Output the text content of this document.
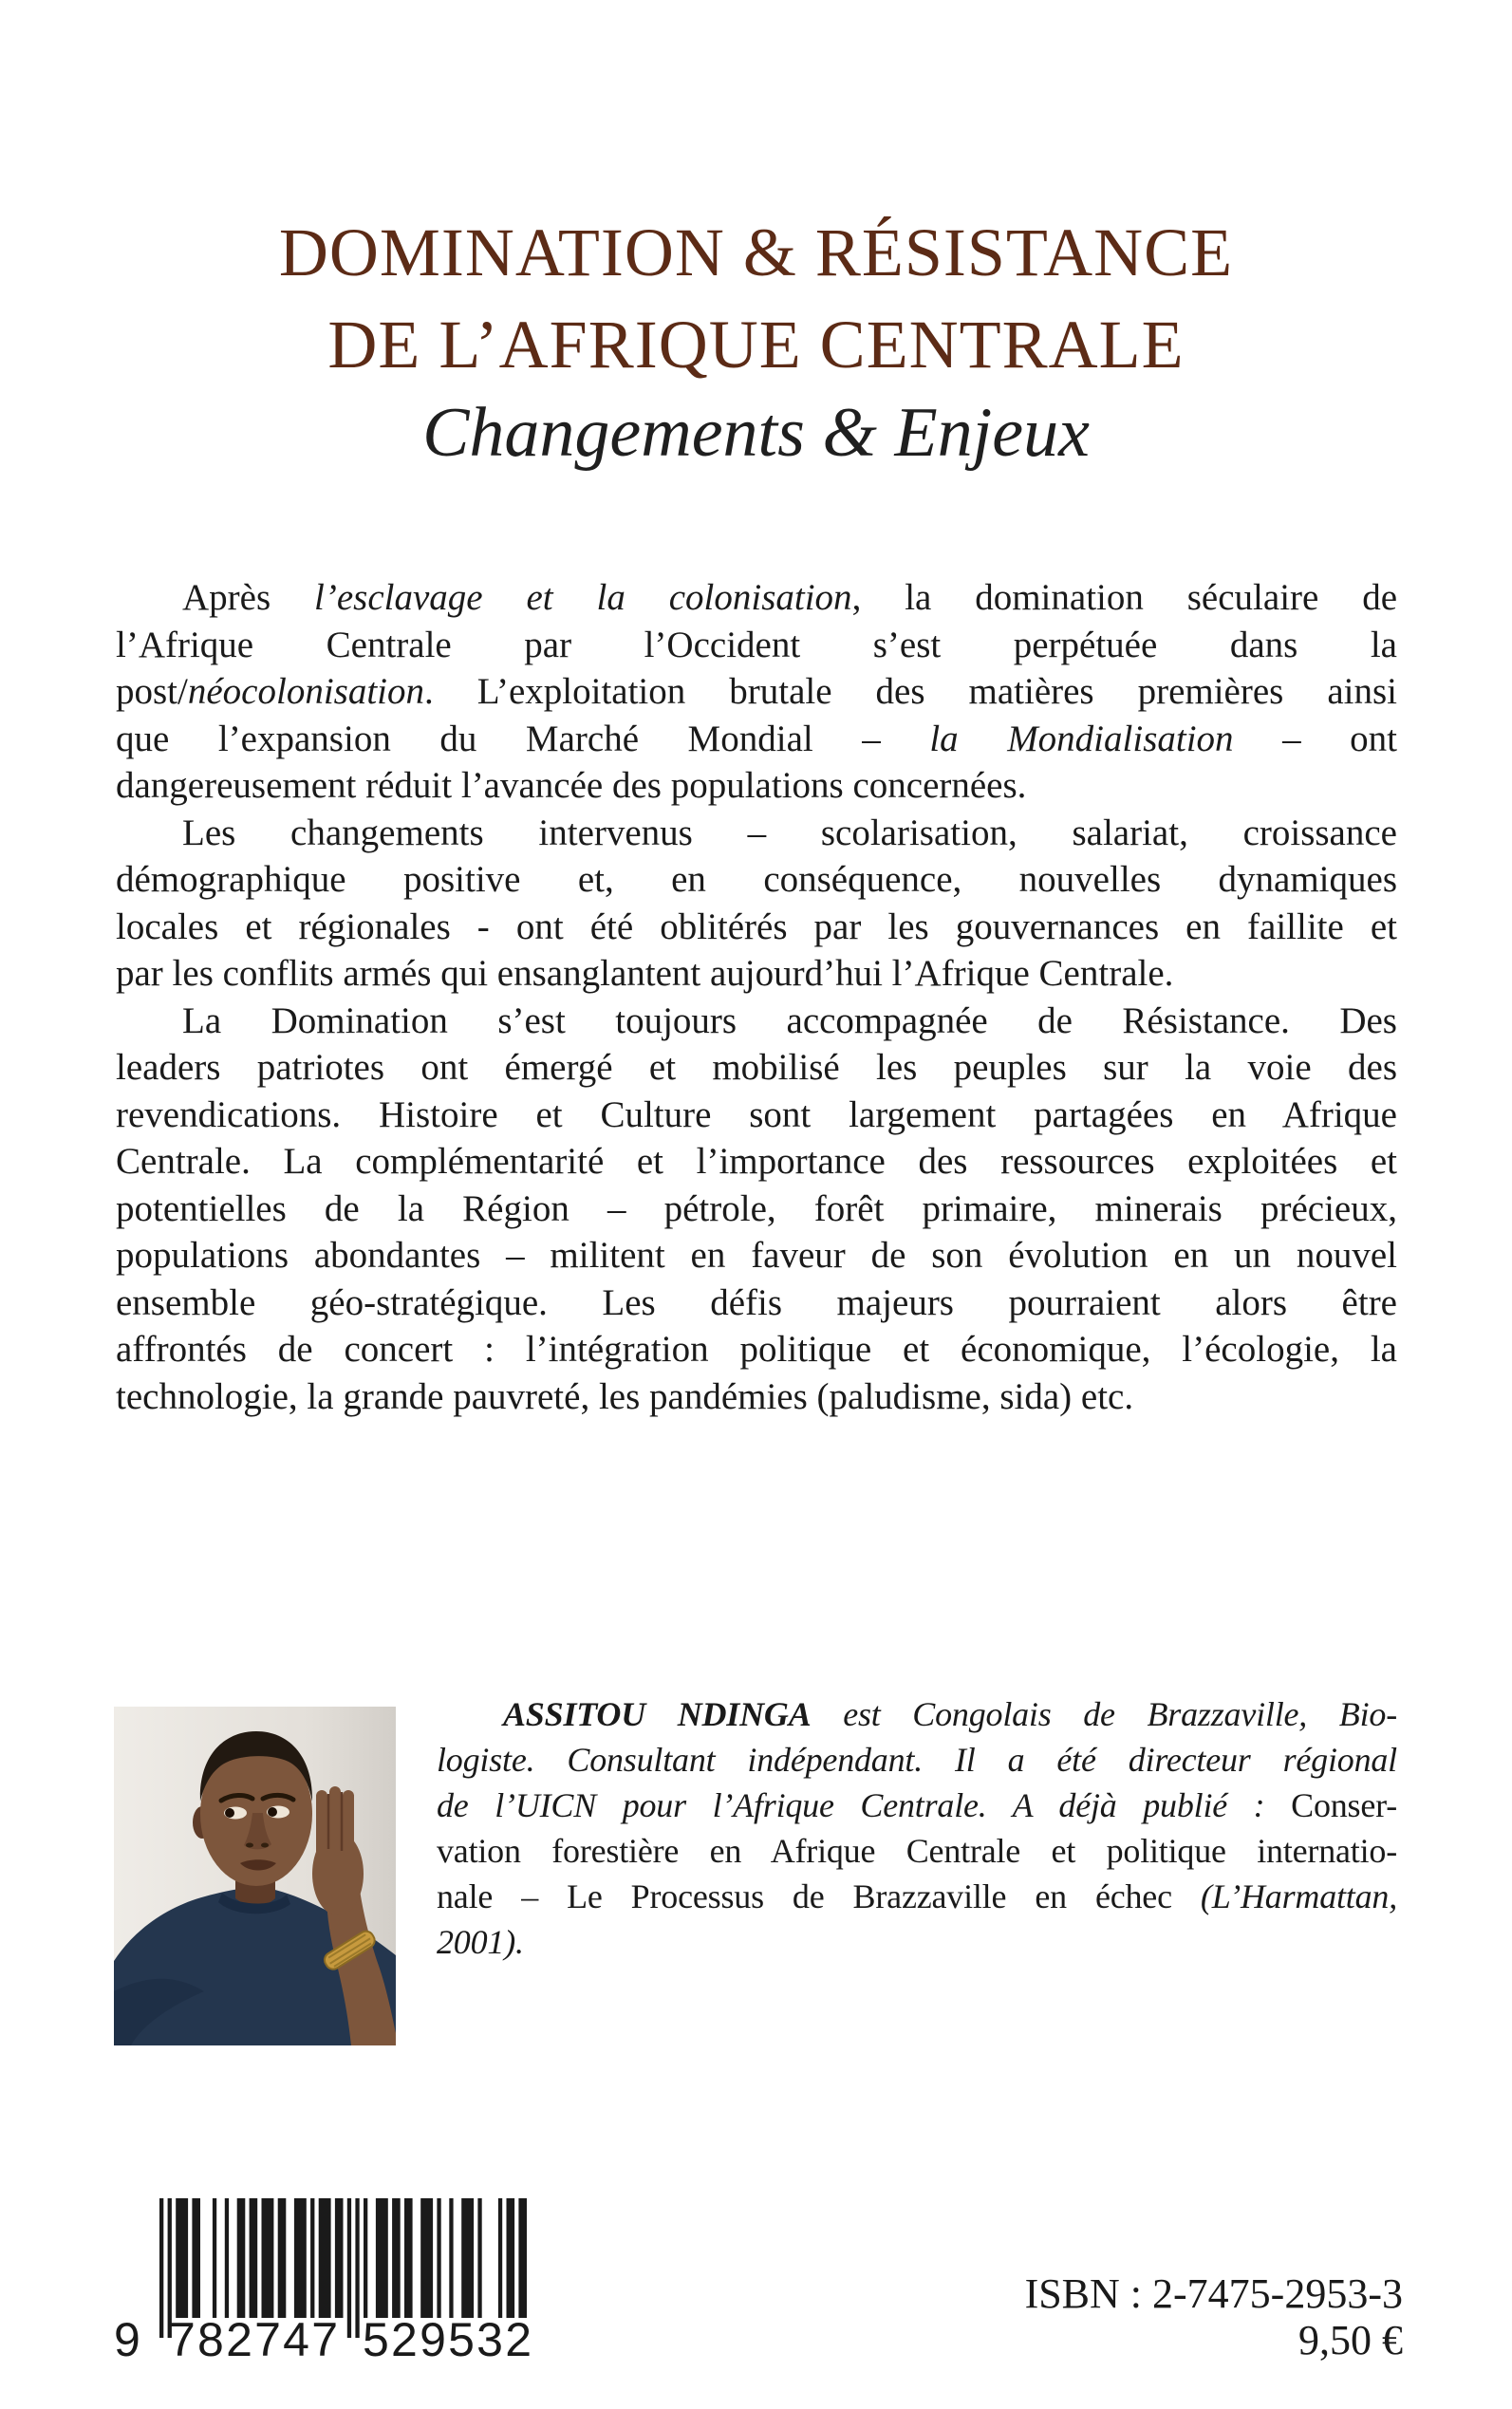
DOMINATION & RÉSISTANCE
DE L’AFRIQUE CENTRALE
Changements & Enjeux
Après l’esclavage et la colonisation, la domination séculaire de
l’Afrique Centrale par l’Occident s’est perpétuée dans la
post/néocolonisation. L’exploitation brutale des matières premières ainsi
que l’expansion du Marché Mondial – la Mondialisation – ont
dangereusement réduit l’avancée des populations concernées.
Les changements intervenus – scolarisation, salariat, croissance
démographique positive et, en conséquence, nouvelles dynamiques
locales et régionales - ont été oblitérés par les gouvernances en faillite et
par les conflits armés qui ensanglantent aujourd’hui l’Afrique Centrale.
La Domination s’est toujours accompagnée de Résistance. Des
leaders patriotes ont émergé et mobilisé les peuples sur la voie des
revendications. Histoire et Culture sont largement partagées en Afrique
Centrale. La complémentarité et l’importance des ressources exploitées et
potentielles de la Région – pétrole, forêt primaire, minerais précieux,
populations abondantes – militent en faveur de son évolution en un nouvel
ensemble géo-stratégique. Les défis majeurs pourraient alors être
affrontés de concert : l’intégration politique et économique, l’écologie, la
technologie, la grande pauvreté, les pandémies (paludisme, sida) etc.
ASSITOU NDINGA est Congolais de Brazzaville, Bio-
logiste. Consultant indépendant. Il a été directeur régional
de l’UICN pour l’Afrique Centrale. A déjà publié : Conser-
vation forestière en Afrique Centrale et politique internatio-
nale – Le Processus de Brazzaville en échec (L’Harmattan,
2001).
9 782747 529532
ISBN : 2-7475-2953-3
9,50 €
